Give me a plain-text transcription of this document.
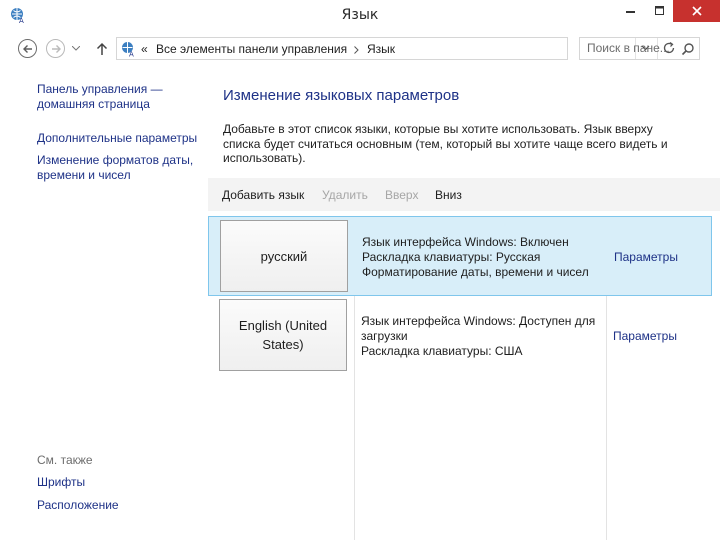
A	Язык
A « Все элементы панели управления Язык
Поиск в пане...
Панель управления — домашняя страница
Дополнительные параметры
Изменение форматов даты, времени и чисел
См. также
Шрифты
Расположение
Изменение языковых параметров
Добавьте в этот список языки, которые вы хотите использовать. Язык вверху списка будет считаться основным (тем, который вы хотите чаще всего видеть и использовать).
Добавить язык Удалить Вверх Вниз
русский
Язык интерфейса Windows: Включен
Раскладка клавиатуры: Русская
Форматирование даты, времени и чисел
Параметры
English (United States)
Язык интерфейса Windows: Доступен для загрузки
Раскладка клавиатуры: США
Параметры
